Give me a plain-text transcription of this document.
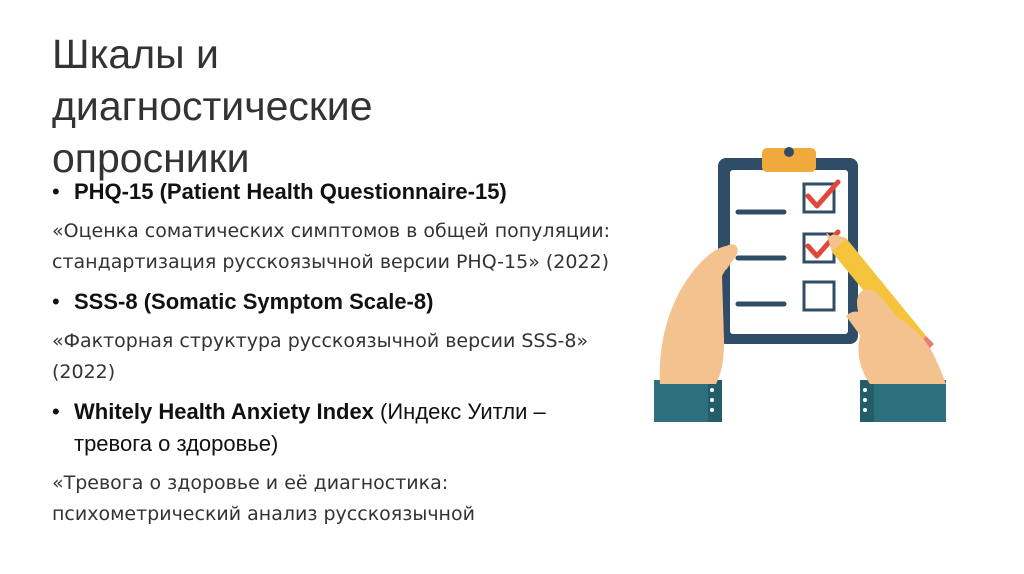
Шкалы и
диагностические
опросники

• PHQ-15 (Patient Health Questionnaire-15)

«Оценка соматических симптомов в общей популяции: стандартизация русскоязычной версии PHQ-15» (2022)

• SSS-8 (Somatic Symptom Scale-8)

«Факторная структура русскоязычной версии SSS-8» (2022)

• Whitely Health Anxiety Index (Индекс Уитли – тревога о здоровье)

«Тревога о здоровье и её диагностика: психометрический анализ русскоязычной
